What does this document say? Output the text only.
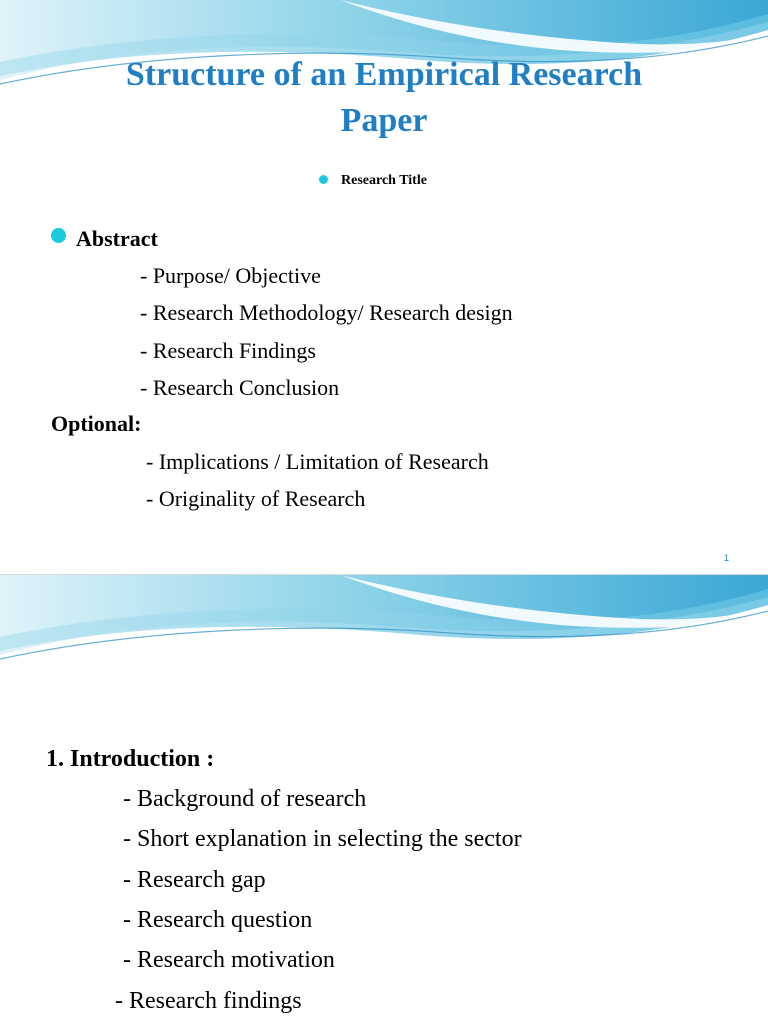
Structure of an Empirical Research

Paper

Research Title

Abstract

- Purpose/ Objective

- Research Methodology/ Research design

- Research Findings

- Research Conclusion

Optional:

- Implications / Limitation of Research

- Originality of Research

1

1. Introduction :

- Background of research

- Short explanation in selecting the sector

- Research gap

- Research question

- Research motivation

- Research findings
